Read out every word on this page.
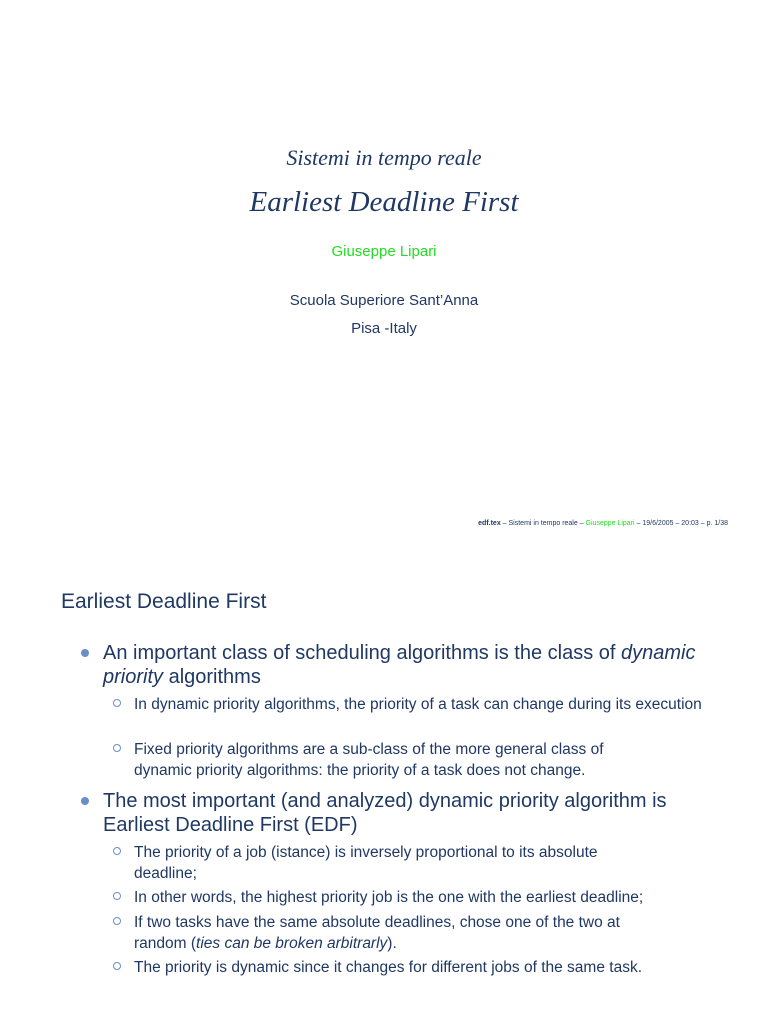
Sistemi in tempo reale
Earliest Deadline First
Giuseppe Lipari
Scuola Superiore Sant’Anna
Pisa -Italy
edf.tex – Sistemi in tempo reale – Giuseppe Lipari – 19/6/2005 – 20:03 – p. 1/38
Earliest Deadline First
An important class of scheduling algorithms is the class of dynamic priority algorithms
In dynamic priority algorithms, the priority of a task can change during its execution
Fixed priority algorithms are a sub-class of the more general class of dynamic priority algorithms: the priority of a task does not change.
The most important (and analyzed) dynamic priority algorithm is Earliest Deadline First (EDF)
The priority of a job (istance) is inversely proportional to its absolute deadline;
In other words, the highest priority job is the one with the earliest deadline;
If two tasks have the same absolute deadlines, chose one of the two at random (ties can be broken arbitrarly).
The priority is dynamic since it changes for different jobs of the same task.
